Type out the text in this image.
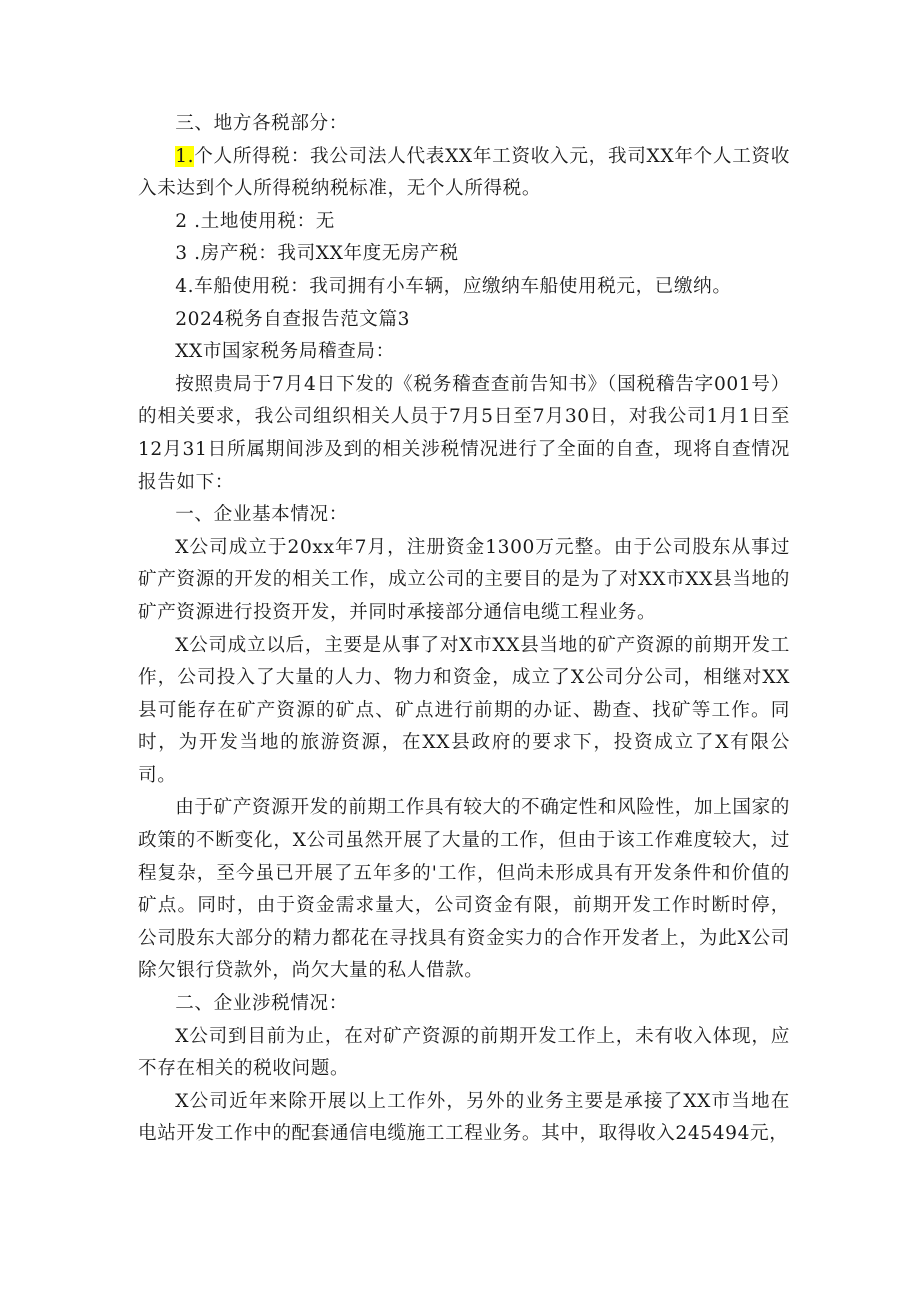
三、地方各税部分：

1.个人所得税：我公司法人代表XX年工资收入元，我司XX年个人工资收入未达到个人所得税纳税标准，无个人所得税。

2 .土地使用税：无

3 .房产税：我司XX年度无房产税

4.车船使用税：我司拥有小车辆，应缴纳车船使用税元，已缴纳。

2024税务自查报告范文篇3

XX市国家税务局稽查局：

按照贵局于7月4日下发的《税务稽查查前告知书》（国税稽告字001号）的相关要求，我公司组织相关人员于7月5日至7月30日，对我公司1月1日至12月31日所属期间涉及到的相关涉税情况进行了全面的自查，现将自查情况报告如下：

一、企业基本情况：

X公司成立于20xx年7月，注册资金1300万元整。由于公司股东从事过矿产资源的开发的相关工作，成立公司的主要目的是为了对XX市XX县当地的矿产资源进行投资开发，并同时承接部分通信电缆工程业务。

X公司成立以后，主要是从事了对X市XX县当地的矿产资源的前期开发工作，公司投入了大量的人力、物力和资金，成立了X公司分公司，相继对XX县可能存在矿产资源的矿点、矿点进行前期的办证、勘查、找矿等工作。同时，为开发当地的旅游资源，在XX县政府的要求下，投资成立了X有限公司。

由于矿产资源开发的前期工作具有较大的不确定性和风险性，加上国家的政策的不断变化，X公司虽然开展了大量的工作，但由于该工作难度较大，过程复杂，至今虽已开展了五年多的'工作，但尚未形成具有开发条件和价值的矿点。同时，由于资金需求量大，公司资金有限，前期开发工作时断时停，公司股东大部分的精力都花在寻找具有资金实力的合作开发者上，为此X公司除欠银行贷款外，尚欠大量的私人借款。

二、企业涉税情况：

X公司到目前为止，在对矿产资源的前期开发工作上，未有收入体现，应不存在相关的税收问题。

X公司近年来除开展以上工作外，另外的业务主要是承接了XX市当地在电站开发工作中的配套通信电缆施工工程业务。其中，取得收入245494元，
